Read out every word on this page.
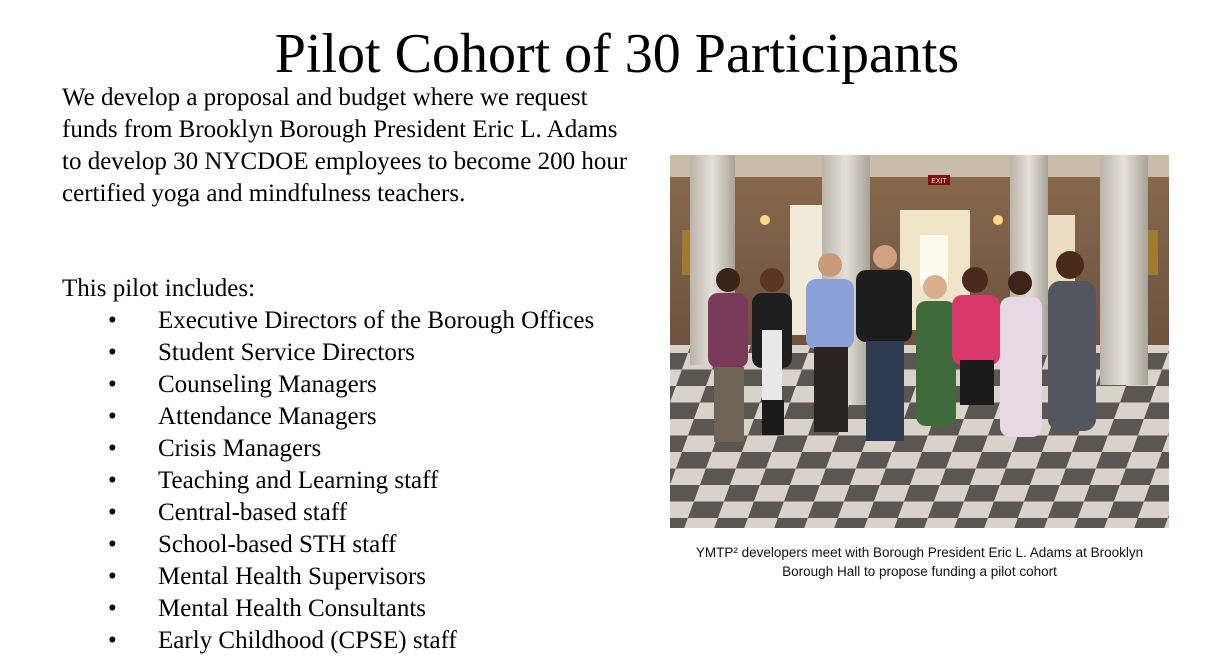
Pilot Cohort of 30 Participants

We develop a proposal and budget where we request funds from Brooklyn Borough President Eric L. Adams to develop 30 NYCDOE employees to become 200 hour certified yoga and mindfulness teachers.

This pilot includes:
• Executive Directors of the Borough Offices
• Student Service Directors
• Counseling Managers
• Attendance Managers
• Crisis Managers
• Teaching and Learning staff
• Central-based staff
• School-based STH staff
• Mental Health Supervisors
• Mental Health Consultants
• Early Childhood (CPSE) staff
EXIT
YMTP² developers meet with Borough President Eric L. Adams at Brooklyn
Borough Hall to propose funding a pilot cohort
